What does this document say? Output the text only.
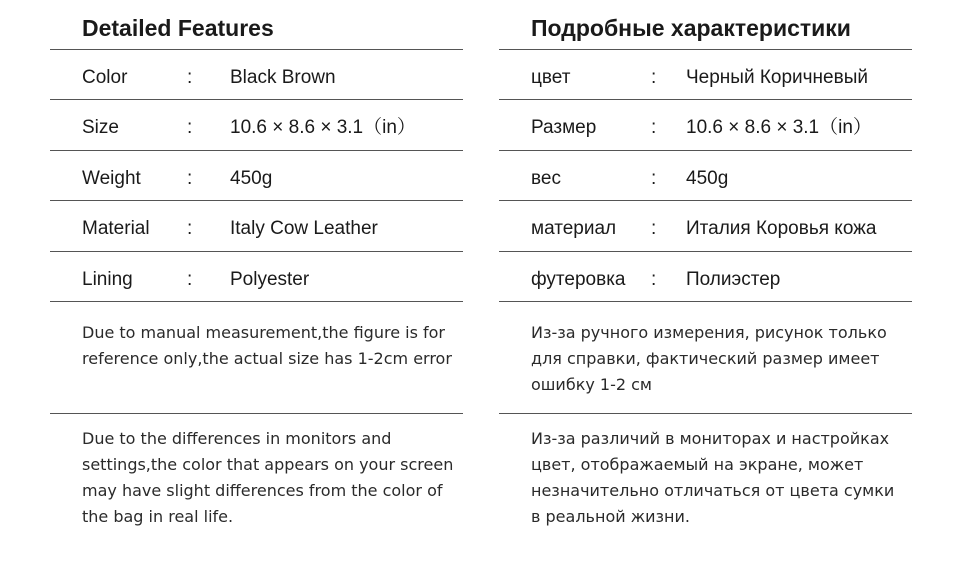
Detailed Features
Color	: Black Brown
Size	: 10.6 × 8.6 × 3.1（in）
Weight : 450g
Material : Italy Cow Leather
Lining	: Polyester
Due to manual measurement,the figure is for reference only,the actual size has 1-2cm error
Due to the differences in monitors and settings,the color that appears on your screen may have slight differences from the color of the bag in real life.
Подробные характеристики
цвет	: Черный Коричневый
Размер	: 10.6 × 8.6 × 3.1（in）
вес	: 450g
материал : Италия Коровья кожа
футеровка : Полиэстер
Из-за ручного измерения, рисунок только для справки, фактический размер имеет ошибку 1-2 см
Из-за различий в мониторах и настройках цвет, отображаемый на экране, может незначительно отличаться от цвета сумки в реальной жизни.
